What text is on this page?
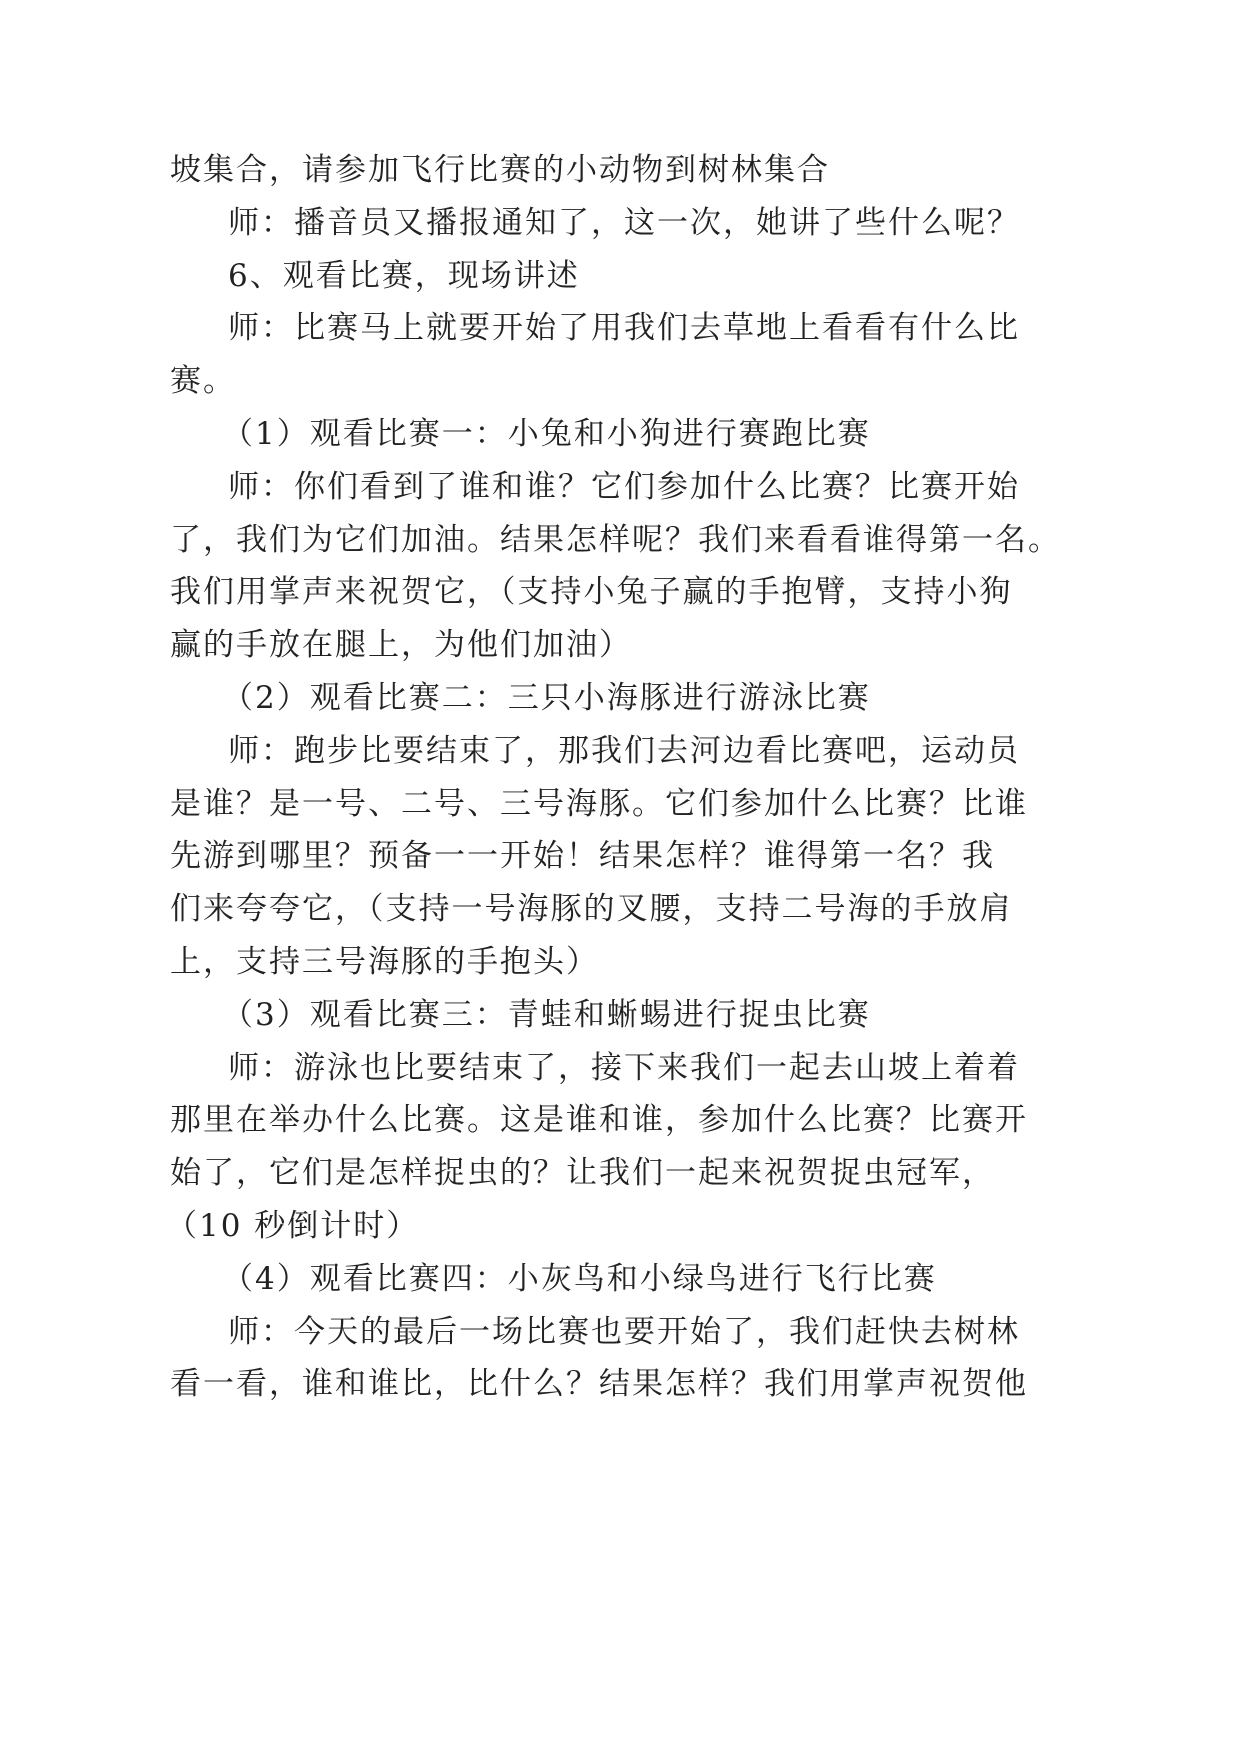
坡集合，请参加飞行比赛的小动物到树林集合
师：播音员又播报通知了，这一次，她讲了些什么呢？
6、观看比赛，现场讲述
师：比赛马上就要开始了用我们去草地上看看有什么比
赛。
（1）观看比赛一：小兔和小狗进行赛跑比赛
师：你们看到了谁和谁？它们参加什么比赛？比赛开始
了，我们为它们加油。结果怎样呢？我们来看看谁得第一名。
我们用掌声来祝贺它，（支持小兔子赢的手抱臂，支持小狗
赢的手放在腿上，为他们加油）
（2）观看比赛二：三只小海豚进行游泳比赛
师：跑步比要结束了，那我们去河边看比赛吧，运动员
是谁？是一号、二号、三号海豚。它们参加什么比赛？比谁
先游到哪里？预备一一开始！结果怎样？谁得第一名？我
们来夸夸它，（支持一号海豚的叉腰，支持二号海的手放肩
上，支持三号海豚的手抱头）
（3）观看比赛三：青蛙和蜥蜴进行捉虫比赛
师：游泳也比要结束了，接下来我们一起去山坡上着着
那里在举办什么比赛。这是谁和谁，参加什么比赛？比赛开
始了，它们是怎样捉虫的？让我们一起来祝贺捉虫冠军，
（10 秒倒计时）
（4）观看比赛四：小灰鸟和小绿鸟进行飞行比赛
师：今天的最后一场比赛也要开始了，我们赶快去树林
看一看，谁和谁比，比什么？结果怎样？我们用掌声祝贺他
